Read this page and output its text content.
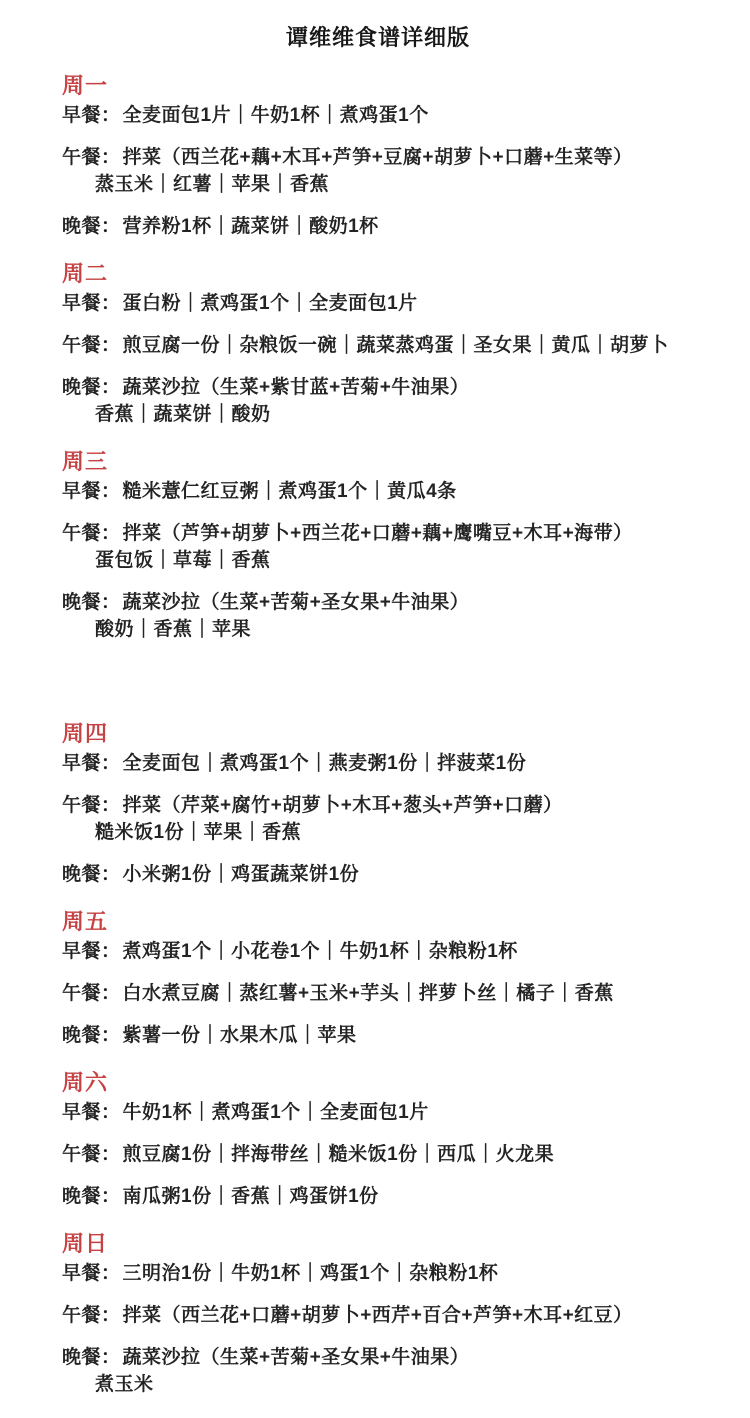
谭维维食谱详细版
周一
早餐： 全麦面包1片｜牛奶1杯｜煮鸡蛋1个
午餐： 拌菜（西兰花+藕+木耳+芦笋+豆腐+胡萝卜+口蘑+生菜等）
蒸玉米｜红薯｜苹果｜香蕉
晚餐： 营养粉1杯｜蔬菜饼｜酸奶1杯
周二
早餐： 蛋白粉｜煮鸡蛋1个｜全麦面包1片
午餐： 煎豆腐一份｜杂粮饭一碗｜蔬菜蒸鸡蛋｜圣女果｜黄瓜｜胡萝卜
晚餐： 蔬菜沙拉（生菜+紫甘蓝+苦菊+牛油果）
香蕉｜蔬菜饼｜酸奶
周三
早餐： 糙米薏仁红豆粥｜煮鸡蛋1个｜黄瓜4条
午餐： 拌菜（芦笋+胡萝卜+西兰花+口蘑+藕+鹰嘴豆+木耳+海带）
蛋包饭｜草莓｜香蕉
晚餐： 蔬菜沙拉（生菜+苦菊+圣女果+牛油果）
酸奶｜香蕉｜苹果
周四
早餐： 全麦面包｜煮鸡蛋1个｜燕麦粥1份｜拌菠菜1份
午餐： 拌菜（芹菜+腐竹+胡萝卜+木耳+葱头+芦笋+口蘑）
糙米饭1份｜苹果｜香蕉
晚餐： 小米粥1份｜鸡蛋蔬菜饼1份
周五
早餐： 煮鸡蛋1个｜小花卷1个｜牛奶1杯｜杂粮粉1杯
午餐： 白水煮豆腐｜蒸红薯+玉米+芋头｜拌萝卜丝｜橘子｜香蕉
晚餐： 紫薯一份｜水果木瓜｜苹果
周六
早餐： 牛奶1杯｜煮鸡蛋1个｜全麦面包1片
午餐： 煎豆腐1份｜拌海带丝｜糙米饭1份｜西瓜｜火龙果
晚餐： 南瓜粥1份｜香蕉｜鸡蛋饼1份
周日
早餐： 三明治1份｜牛奶1杯｜鸡蛋1个｜杂粮粉1杯
午餐： 拌菜（西兰花+口蘑+胡萝卜+西芹+百合+芦笋+木耳+红豆）
晚餐： 蔬菜沙拉（生菜+苦菊+圣女果+牛油果）
煮玉米
